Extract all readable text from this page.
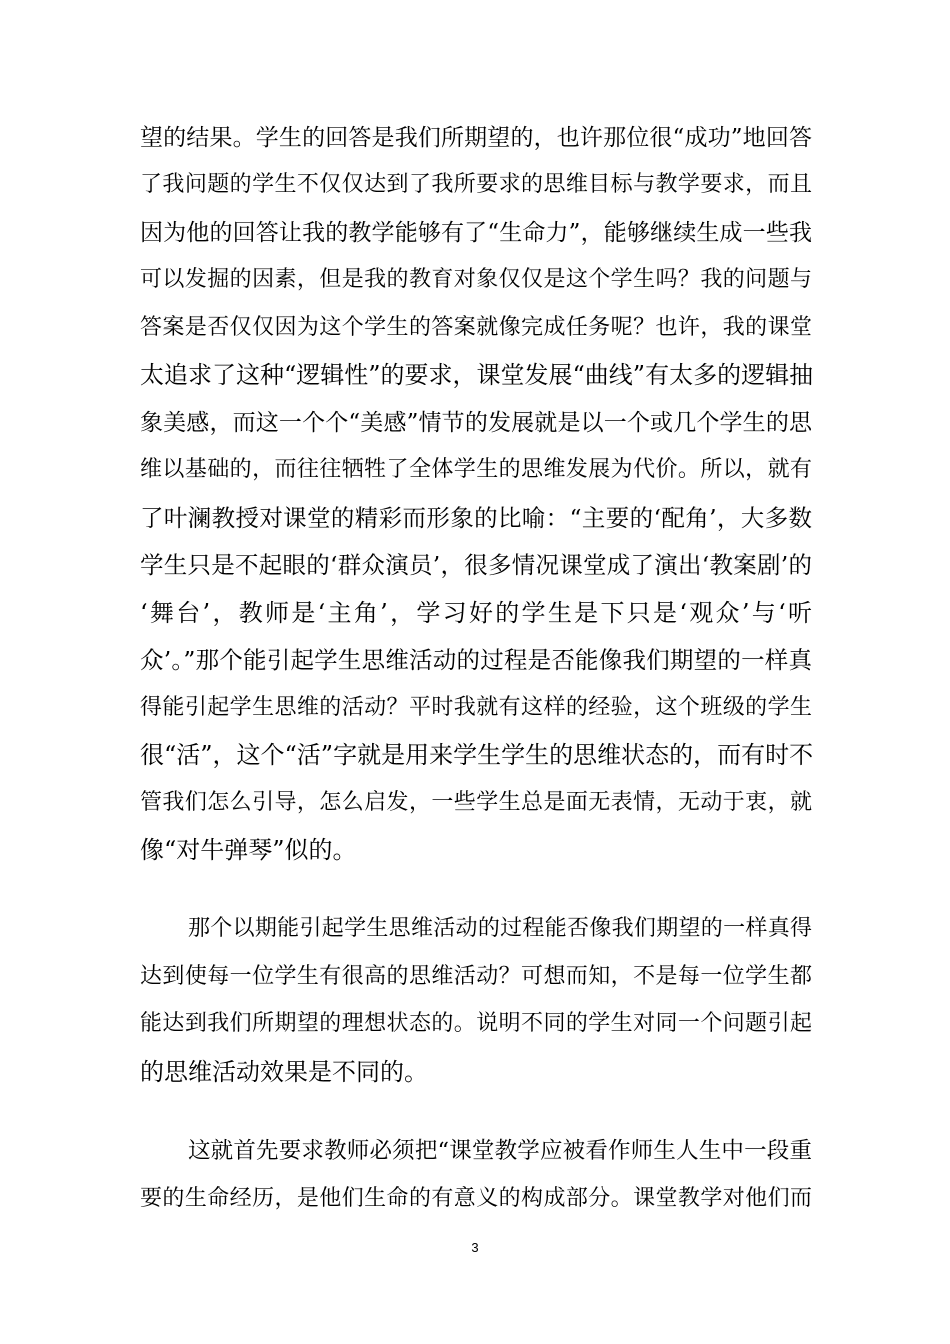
望的结果。学生的回答是我们所期望的，也许那位很“成功”地回答
了我问题的学生不仅仅达到了我所要求的思维目标与教学要求，而且
因为他的回答让我的教学能够有了“生命力”，能够继续生成一些我
可以发掘的因素，但是我的教育对象仅仅是这个学生吗？我的问题与
答案是否仅仅因为这个学生的答案就像完成任务呢？也许，我的课堂
太追求了这种“逻辑性”的要求，课堂发展“曲线”有太多的逻辑抽
象美感，而这一个个“美感”情节的发展就是以一个或几个学生的思
维以基础的，而往往牺牲了全体学生的思维发展为代价。所以，就有
了叶澜教授对课堂的精彩而形象的比喻：“主要的‘配角’，大多数
学生只是不起眼的‘群众演员’，很多情况课堂成了演出‘教案剧’的
‘舞台’，教师是‘主角’，学习好的学生是下只是‘观众’与‘听
众’。”那个能引起学生思维活动的过程是否能像我们期望的一样真
得能引起学生思维的活动？平时我就有这样的经验，这个班级的学生
很“活”，这个“活”字就是用来学生学生的思维状态的，而有时不
管我们怎么引导，怎么启发，一些学生总是面无表情，无动于衷，就
像“对牛弹琴”似的。
那个以期能引起学生思维活动的过程能否像我们期望的一样真得
达到使每一位学生有很高的思维活动？可想而知，不是每一位学生都
能达到我们所期望的理想状态的。说明不同的学生对同一个问题引起
的思维活动效果是不同的。
这就首先要求教师必须把“课堂教学应被看作师生人生中一段重
要的生命经历，是他们生命的有意义的构成部分。课堂教学对他们而
3
